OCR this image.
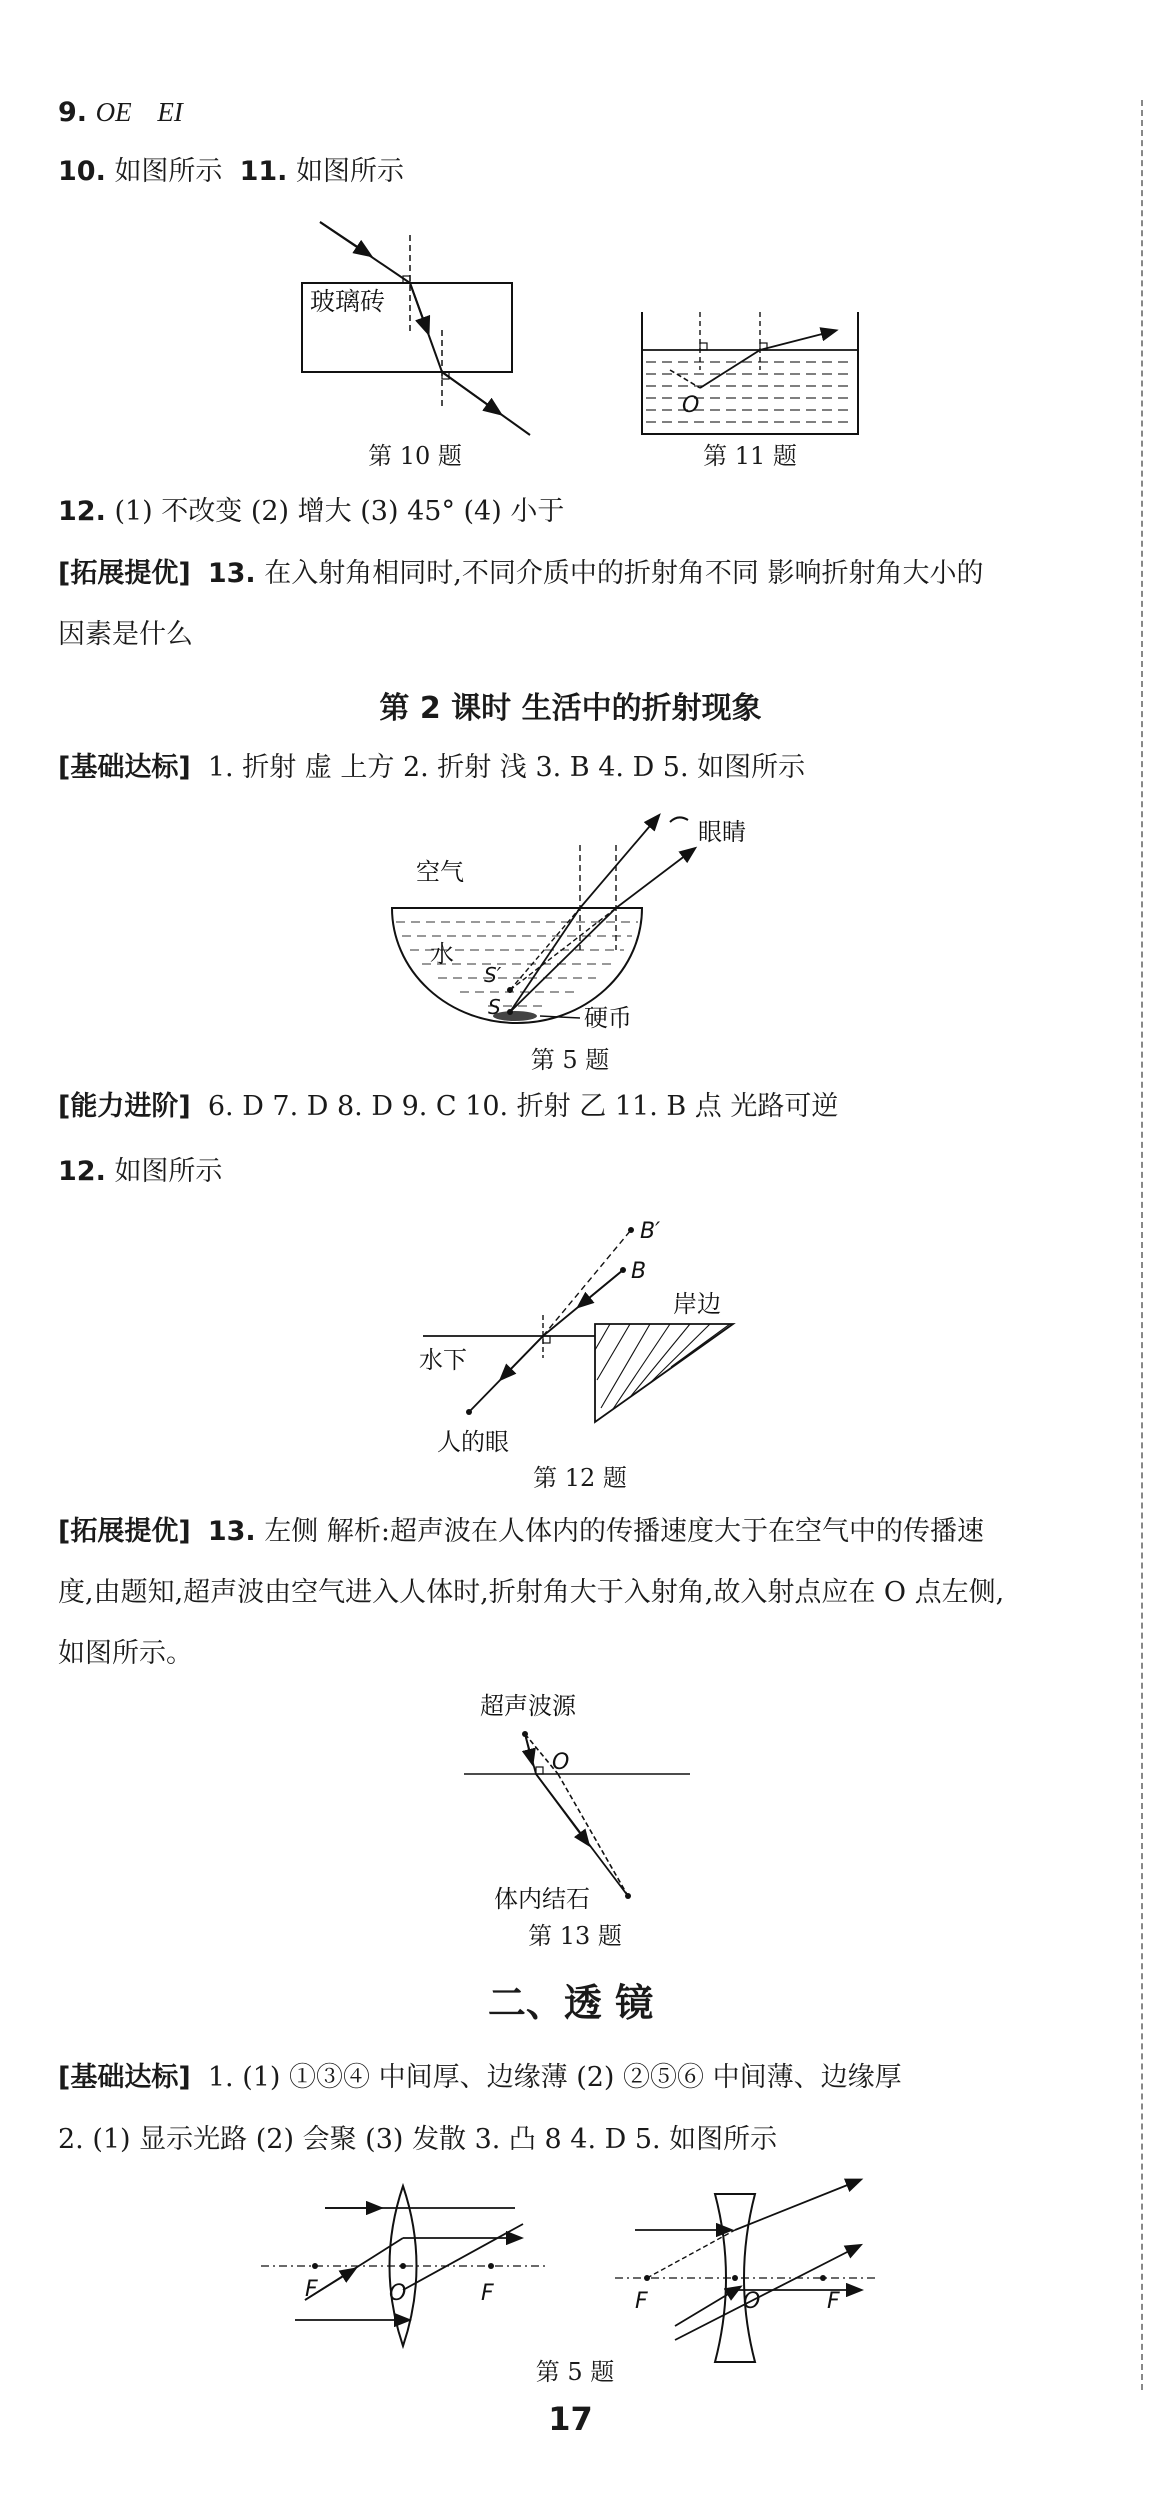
9. OE EI
10. 如图所示 11. 如图所示
玻璃砖
第 10 题
O
第 11 题
12. (1) 不改变 (2) 增大 (3) 45° (4) 小于
[拓展提优] 13. 在入射角相同时,不同介质中的折射角不同 影响折射角大小的
因素是什么
第 2 课时 生活中的折射现象
[基础达标] 1. 折射 虚 上方 2. 折射 浅 3. B 4. D 5. 如图所示
空气
眼睛
水
S′
S	硬币
第 5 题
[能力进阶] 6. D 7. D 8. D 9. C 10. 折射 乙 11. B 点 光路可逆
12. 如图所示
B′
B
岸边
水下
人的眼
第 12 题
[拓展提优] 13. 左侧 解析:超声波在人体内的传播速度大于在空气中的传播速
度,由题知,超声波由空气进入人体时,折射角大于入射角,故入射点应在 O 点左侧,
如图所示。
超声波源
O
体内结石
第 13 题
二、透 镜
[基础达标] 1. (1) ①③④ 中间厚、边缘薄 (2) ②⑤⑥ 中间薄、边缘厚
2. (1) 显示光路 (2) 会聚 (3) 发散 3. 凸 8 4. D 5. 如图所示
F	O	F	F	O	F
第 5 题
17
